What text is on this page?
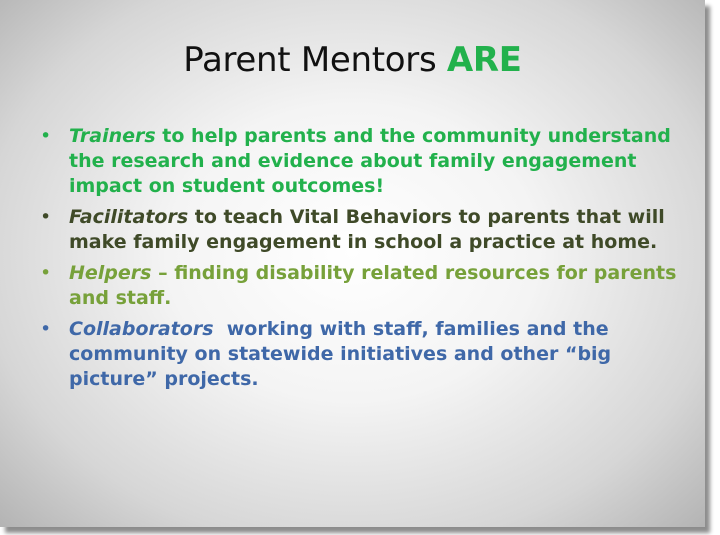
Parent Mentors ARE
• Trainers to help parents and the community understand the research and evidence about family engagement impact on student outcomes!
• Facilitators to teach Vital Behaviors to parents that will make family engagement in school a practice at home.
• Helpers – finding disability related resources for parents and staff.
• Collaborators  working with staff, families and the community on statewide initiatives and other “big picture” projects.
